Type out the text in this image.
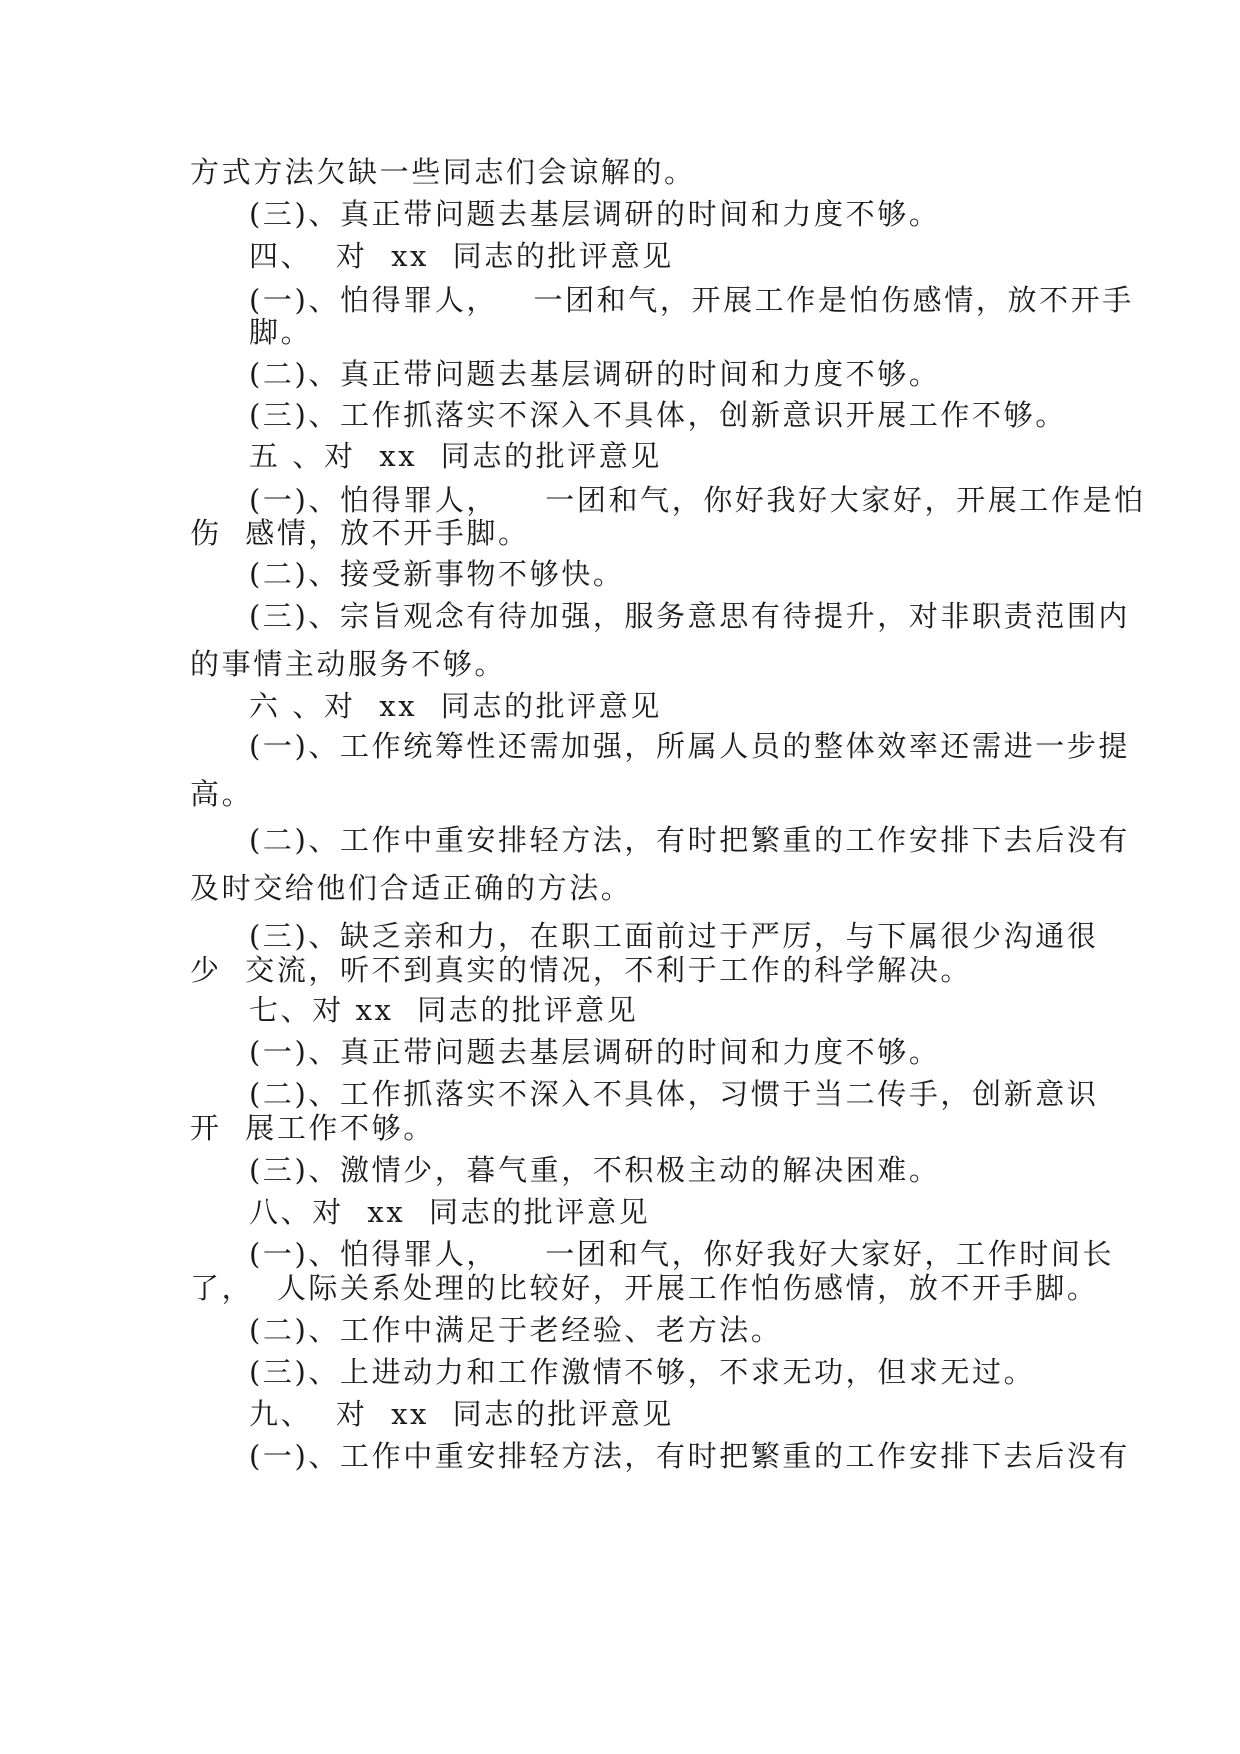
方式方法欠缺一些同志们会谅解的。

(三)、真正带问题去基层调研的时间和力度不够。

四、  对  xx  同志的批评意见

(一)、怕得罪人，   一团和气，开展工作是怕伤感情，放不开手

脚。

(二)、真正带问题去基层调研的时间和力度不够。

(三)、工作抓落实不深入不具体，创新意识开展工作不够。

五 、对  xx  同志的批评意见

(一)、怕得罪人，    一团和气，你好我好大家好，开展工作是怕

伤  感情，放不开手脚。

(二)、接受新事物不够快。

(三)、宗旨观念有待加强，服务意思有待提升，对非职责范围内

的事情主动服务不够。

六 、对  xx  同志的批评意见

(一)、工作统筹性还需加强，所属人员的整体效率还需进一步提

高。

(二)、工作中重安排轻方法，有时把繁重的工作安排下去后没有

及时交给他们合适正确的方法。

(三)、缺乏亲和力，在职工面前过于严厉，与下属很少沟通很

少  交流，听不到真实的情况，不利于工作的科学解决。

七、对 xx  同志的批评意见

(一)、真正带问题去基层调研的时间和力度不够。

(二)、工作抓落实不深入不具体，习惯于当二传手，创新意识

开  展工作不够。

(三)、激情少，暮气重，不积极主动的解决困难。

八、对  xx  同志的批评意见

(一)、怕得罪人，    一团和气，你好我好大家好，工作时间长

了，  人际关系处理的比较好，开展工作怕伤感情，放不开手脚。

(二)、工作中满足于老经验、老方法。

(三)、上进动力和工作激情不够，不求无功，但求无过。

九、  对  xx  同志的批评意见

(一)、工作中重安排轻方法，有时把繁重的工作安排下去后没有
